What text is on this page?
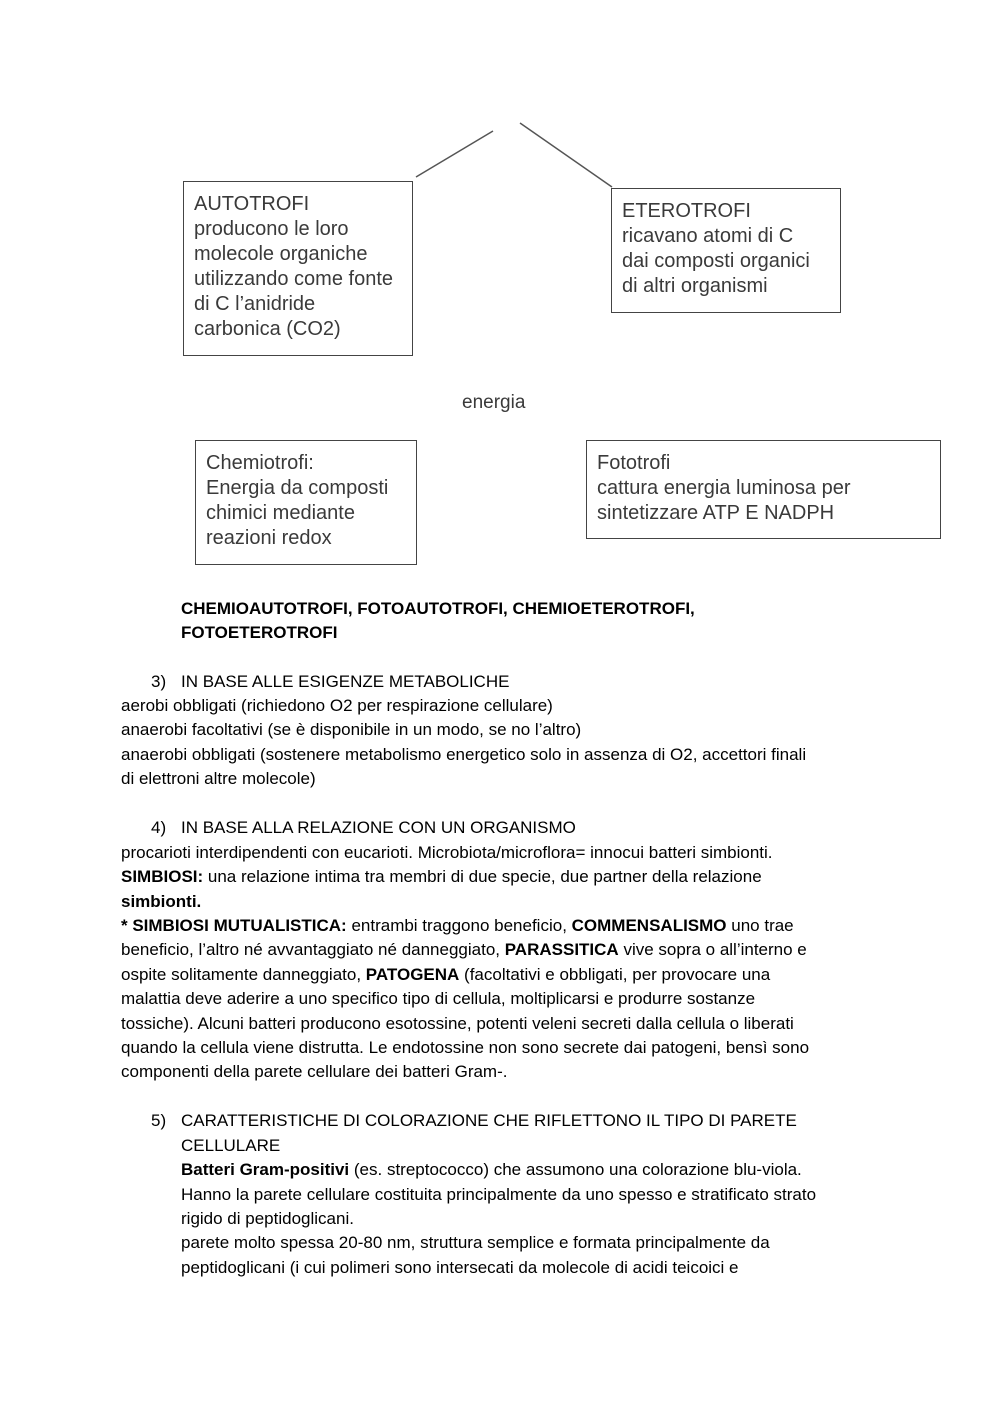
AUTOTROFI
producono le loro
molecole organiche
utilizzando come fonte
di C l’anidride
carbonica (CO2)
ETEROTROFI
ricavano atomi di C
dai composti organici
di altri organismi
energia
Chemiotrofi:
Energia da composti
chimici mediante
reazioni redox
Fototrofi
cattura energia luminosa per
sintetizzare ATP E NADPH
CHEMIOAUTOTROFI, FOTOAUTOTROFI, CHEMIOETEROTROFI,
FOTOETEROTROFI
3) IN BASE ALLE ESIGENZE METABOLICHE
aerobi obbligati (richiedono O2 per respirazione cellulare)
anaerobi facoltativi (se è disponibile in un modo, se no l’altro)
anaerobi obbligati (sostenere metabolismo energetico solo in assenza di O2, accettori finali
di elettroni altre molecole)
4) IN BASE ALLA RELAZIONE CON UN ORGANISMO
procarioti interdipendenti con eucarioti. Microbiota/microflora= innocui batteri simbionti.
SIMBIOSI: una relazione intima tra membri di due specie, due partner della relazione
simbionti.
* SIMBIOSI MUTUALISTICA: entrambi traggono beneficio, COMMENSALISMO uno trae
beneficio, l’altro né avvantaggiato né danneggiato, PARASSITICA vive sopra o all’interno e
ospite solitamente danneggiato, PATOGENA (facoltativi e obbligati, per provocare una
malattia deve aderire a uno specifico tipo di cellula, moltiplicarsi e produrre sostanze
tossiche). Alcuni batteri producono esotossine, potenti veleni secreti dalla cellula o liberati
quando la cellula viene distrutta. Le endotossine non sono secrete dai patogeni, bensì sono
componenti della parete cellulare dei batteri Gram-.
5) CARATTERISTICHE DI COLORAZIONE CHE RIFLETTONO IL TIPO DI PARETE
CELLULARE
Batteri Gram-positivi (es. streptococco) che assumono una colorazione blu-viola.
Hanno la parete cellulare costituita principalmente da uno spesso e stratificato strato
rigido di peptidoglicani.
parete molto spessa 20-80 nm, struttura semplice e formata principalmente da
peptidoglicani (i cui polimeri sono intersecati da molecole di acidi teicoici e
